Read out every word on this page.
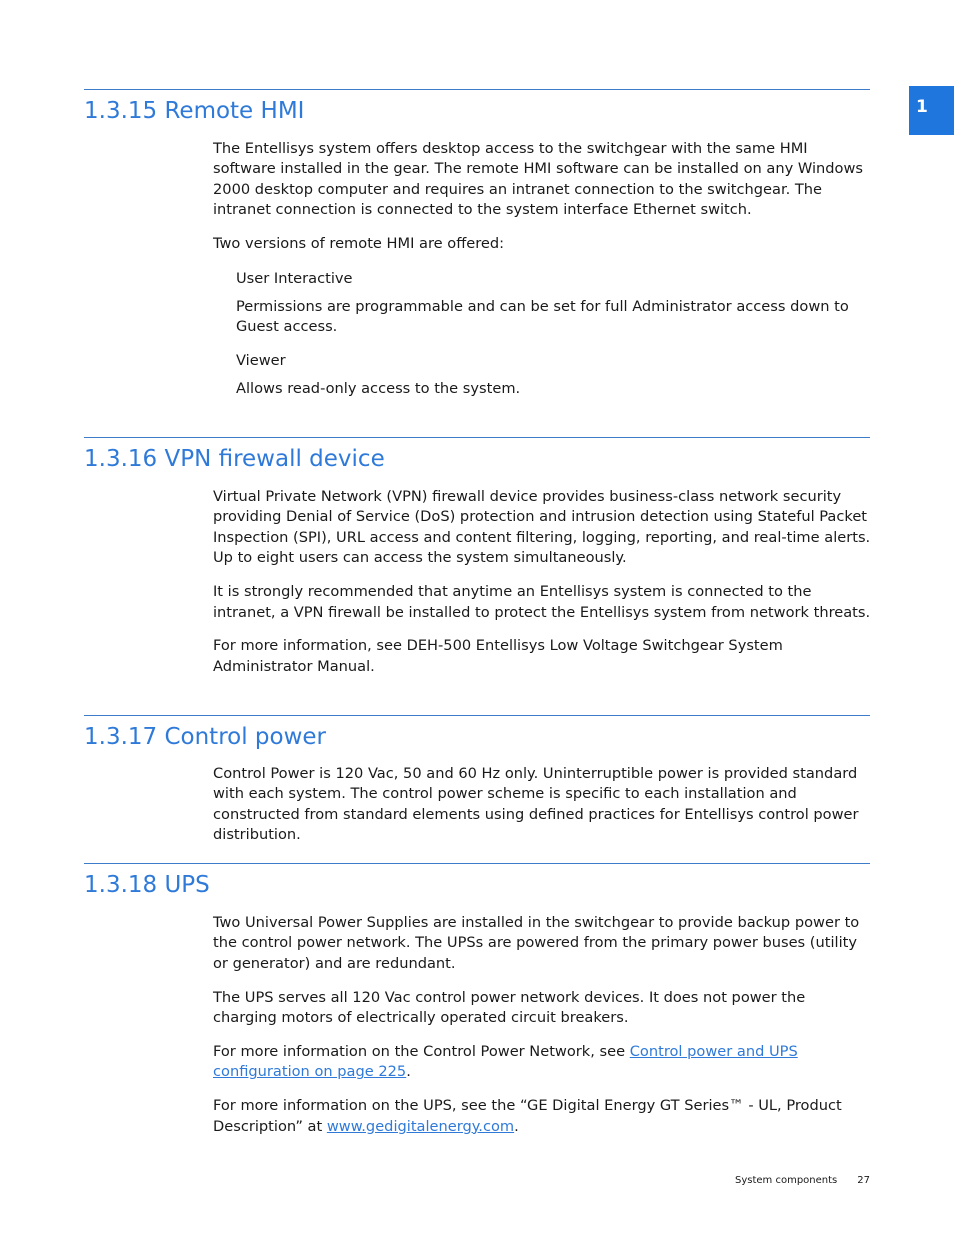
1
1.3.15 Remote HMI

The Entellisys system offers desktop access to the switchgear with the same HMI software installed in the gear. The remote HMI software can be installed on any Windows 2000 desktop computer and requires an intranet connection to the switchgear. The intranet connection is connected to the system interface Ethernet switch.

Two versions of remote HMI are offered:

User Interactive

Permissions are programmable and can be set for full Administrator access down to Guest access.

Viewer

Allows read-only access to the system.

1.3.16 VPN firewall device

Virtual Private Network (VPN) firewall device provides business-class network security providing Denial of Service (DoS) protection and intrusion detection using Stateful Packet Inspection (SPI), URL access and content filtering, logging, reporting, and real-time alerts. Up to eight users can access the system simultaneously.

It is strongly recommended that anytime an Entellisys system is connected to the intranet, a VPN firewall be installed to protect the Entellisys system from network threats.

For more information, see DEH-500 Entellisys Low Voltage Switchgear System Administrator Manual.

1.3.17 Control power

Control Power is 120 Vac, 50 and 60 Hz only. Uninterruptible power is provided standard with each system. The control power scheme is specific to each installation and constructed from standard elements using defined practices for Entellisys control power distribution.

1.3.18 UPS

Two Universal Power Supplies are installed in the switchgear to provide backup power to the control power network. The UPSs are powered from the primary power buses (utility or generator) and are redundant.

The UPS serves all 120 Vac control power network devices. It does not power the charging motors of electrically operated circuit breakers.

For more information on the Control Power Network, see Control power and UPS configuration on page 225.

For more information on the UPS, see the “GE Digital Energy GT Series™ - UL, Product Description” at www.gedigitalenergy.com.

System components 27
